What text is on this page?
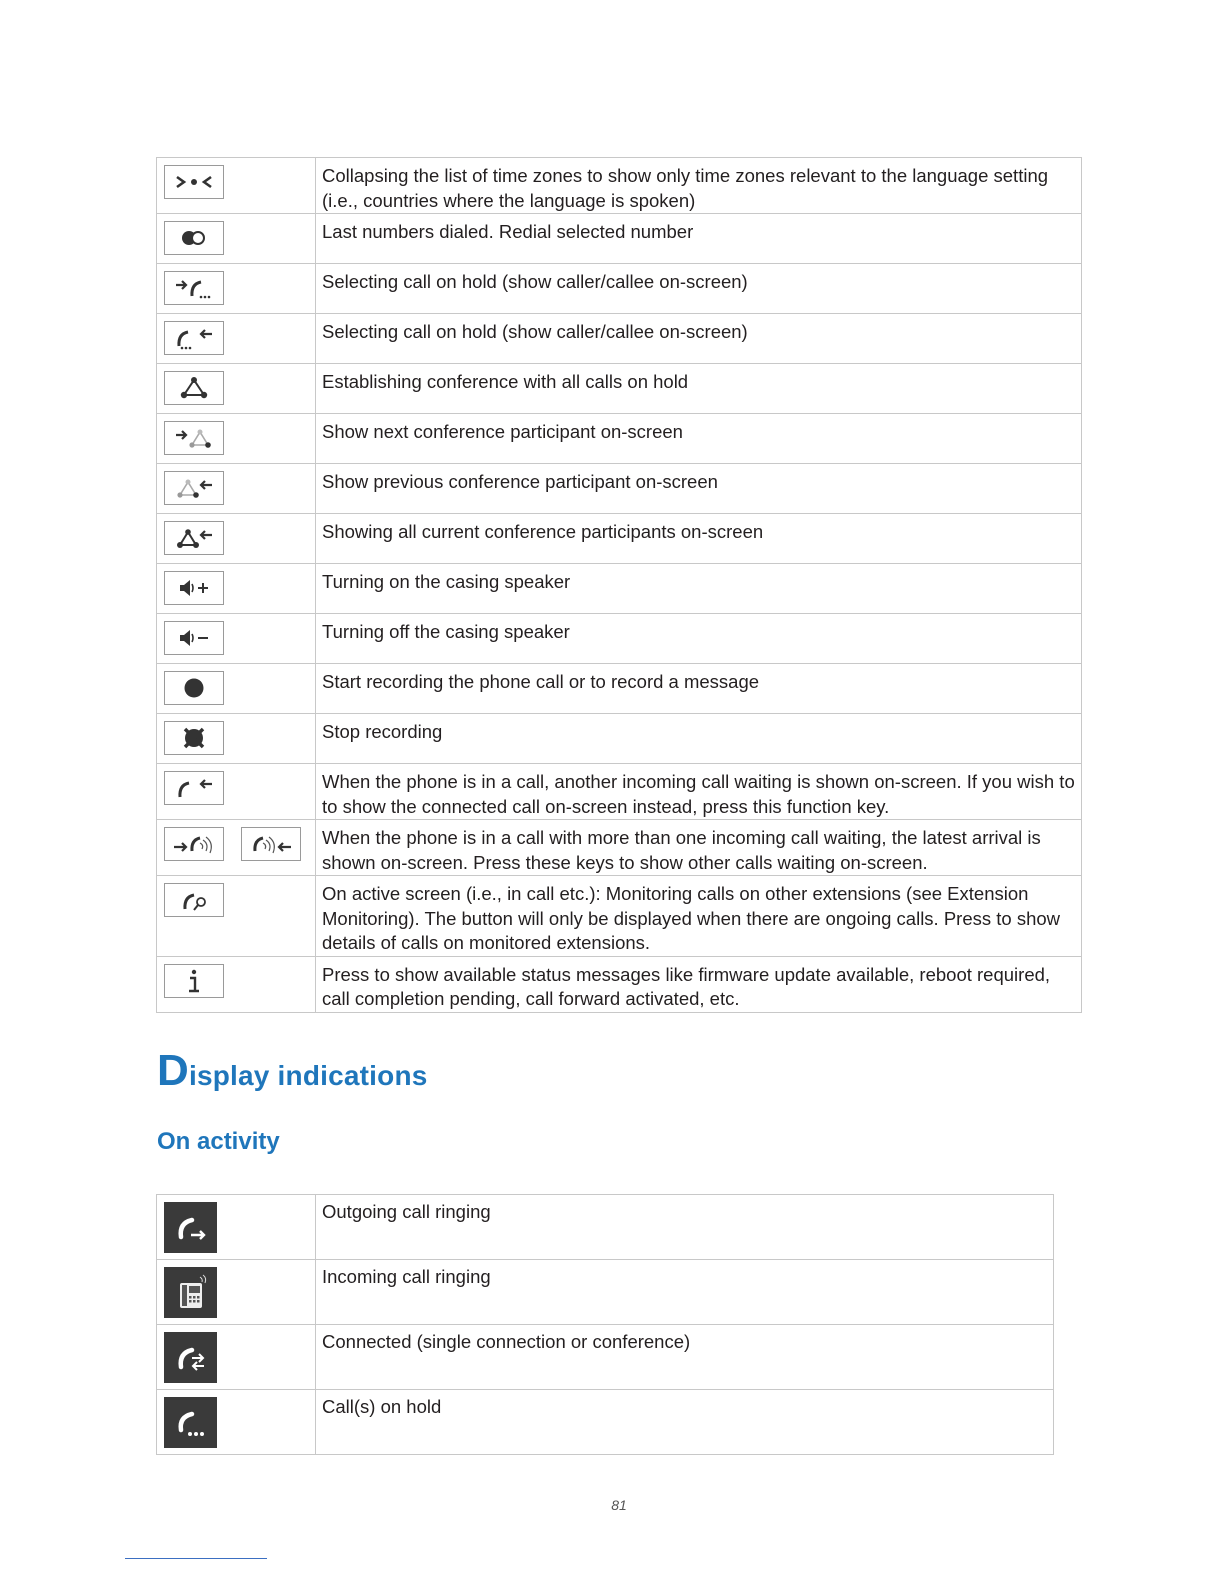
	Collapsing the list of time zones to show only time zones relevant to the language setting (i.e., countries where the language is spoken)

	Last numbers dialed. Redial selected number

	Selecting call on hold (show caller/callee on-screen)

	Selecting call on hold (show caller/callee on-screen)

	Establishing conference with all calls on hold

	Show next conference participant on-screen

	Show previous conference participant on-screen

	Showing all current conference participants on-screen

	Turning on the casing speaker

	Turning off the casing speaker

	Start recording the phone call or to record a message

	Stop recording

	When the phone is in a call, another incoming call waiting is shown on-screen. If you wish to to show the connected call on-screen instead, press this function key.

	When the phone is in a call with more than one incoming call waiting, the latest arrival is shown on-screen. Press these keys to show other calls waiting on-screen.

	On active screen (i.e., in call etc.): Monitoring calls on other extensions (see Extension Monitoring). The button will only be displayed when there are ongoing calls. Press to show details of calls on monitored extensions.

	Press to show available status messages like firmware update available, reboot required, call completion pending, call forward activated, etc.
Display indications
On activity
	Outgoing call ringing

	Incoming call ringing

	Connected (single connection or conference)

	Call(s) on hold
81
